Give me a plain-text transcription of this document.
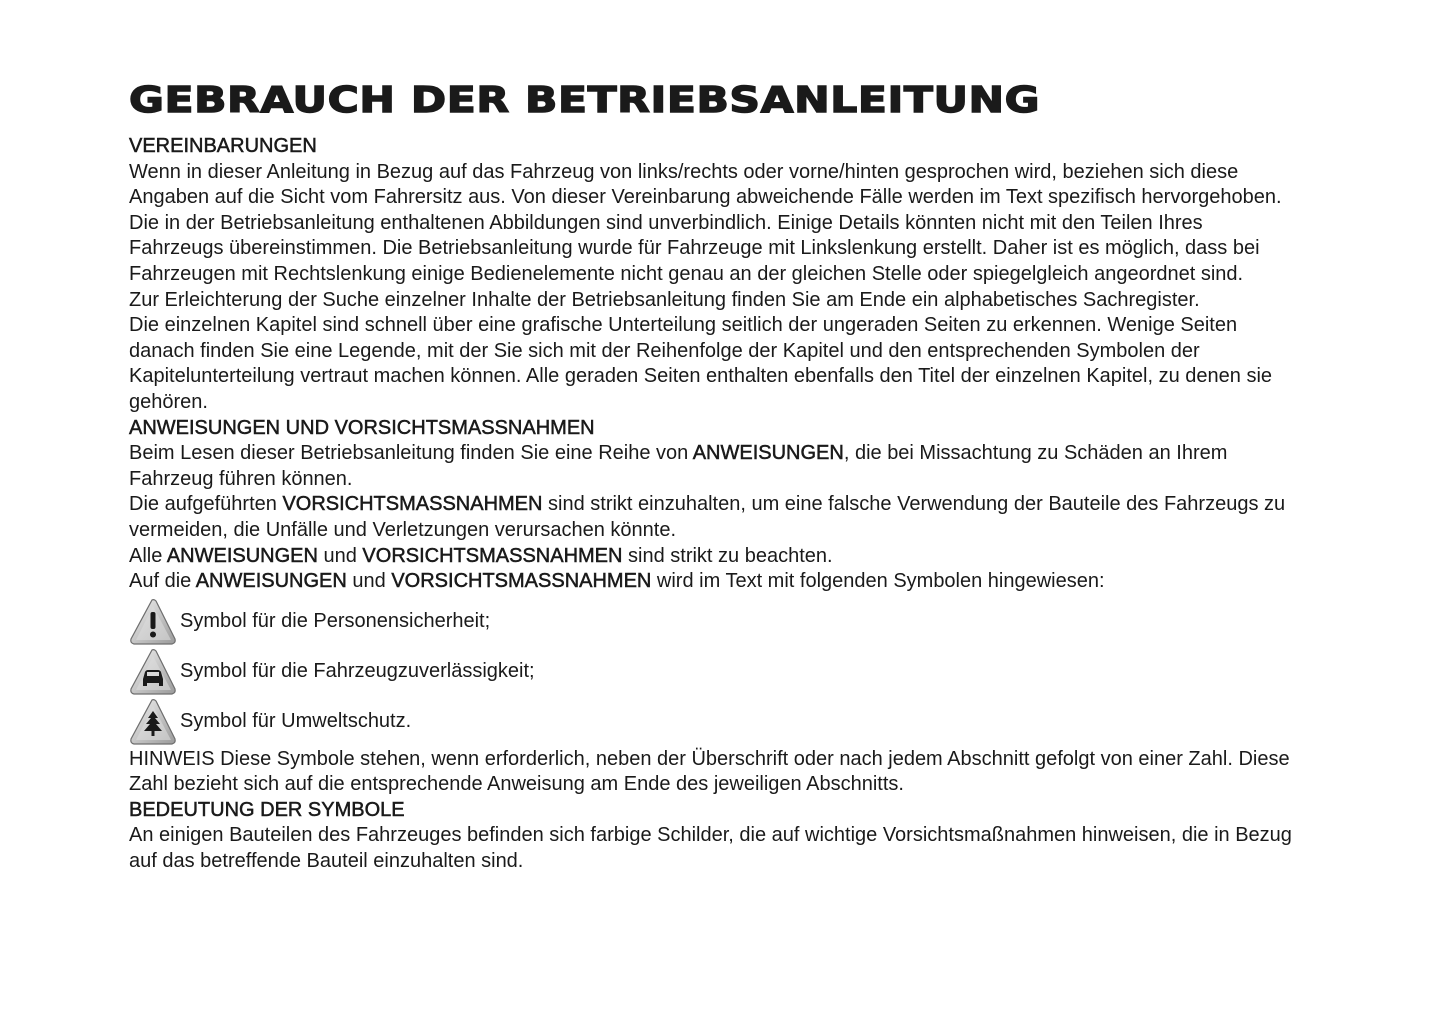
GEBRAUCH DER BETRIEBSANLEITUNG
VEREINBARUNGEN

Wenn in dieser Anleitung in Bezug auf das Fahrzeug von links/rechts oder vorne/hinten gesprochen wird, beziehen sich diese Angaben auf die Sicht vom Fahrersitz aus. Von dieser Vereinbarung abweichende Fälle werden im Text spezifisch hervorgehoben.

Die in der Betriebsanleitung enthaltenen Abbildungen sind unverbindlich. Einige Details könnten nicht mit den Teilen Ihres Fahrzeugs übereinstimmen. Die Betriebsanleitung wurde für Fahrzeuge mit Linkslenkung erstellt. Daher ist es möglich, dass bei Fahrzeugen mit Rechtslenkung einige Bedienelemente nicht genau an der gleichen Stelle oder spiegelgleich angeordnet sind.

Zur Erleichterung der Suche einzelner Inhalte der Betriebsanleitung finden Sie am Ende ein alphabetisches Sachregister.

Die einzelnen Kapitel sind schnell über eine grafische Unterteilung seitlich der ungeraden Seiten zu erkennen. Wenige Seiten danach finden Sie eine Legende, mit der Sie sich mit der Reihenfolge der Kapitel und den entsprechenden Symbolen der Kapitelunterteilung vertraut machen können. Alle geraden Seiten enthalten ebenfalls den Titel der einzelnen Kapitel, zu denen sie gehören.

ANWEISUNGEN UND VORSICHTSMASSNAHMEN

Beim Lesen dieser Betriebsanleitung finden Sie eine Reihe von ANWEISUNGEN, die bei Missachtung zu Schäden an Ihrem Fahrzeug führen können.

Die aufgeführten VORSICHTSMASSNAHMEN sind strikt einzuhalten, um eine falsche Verwendung der Bauteile des Fahrzeugs zu vermeiden, die Unfälle und Verletzungen verursachen könnte.

Alle ANWEISUNGEN und VORSICHTSMASSNAHMEN sind strikt zu beachten.

Auf die ANWEISUNGEN und VORSICHTSMASSNAHMEN wird im Text mit folgenden Symbolen hingewiesen:

Symbol für die Personensicherheit;
Symbol für die Fahrzeugzuverlässigkeit;
Symbol für Umweltschutz.

HINWEIS Diese Symbole stehen, wenn erforderlich, neben der Überschrift oder nach jedem Abschnitt gefolgt von einer Zahl. Diese Zahl bezieht sich auf die entsprechende Anweisung am Ende des jeweiligen Abschnitts.

BEDEUTUNG DER SYMBOLE

An einigen Bauteilen des Fahrzeuges befinden sich farbige Schilder, die auf wichtige Vorsichtsmaßnahmen hinweisen, die in Bezug auf das betreffende Bauteil einzuhalten sind.
